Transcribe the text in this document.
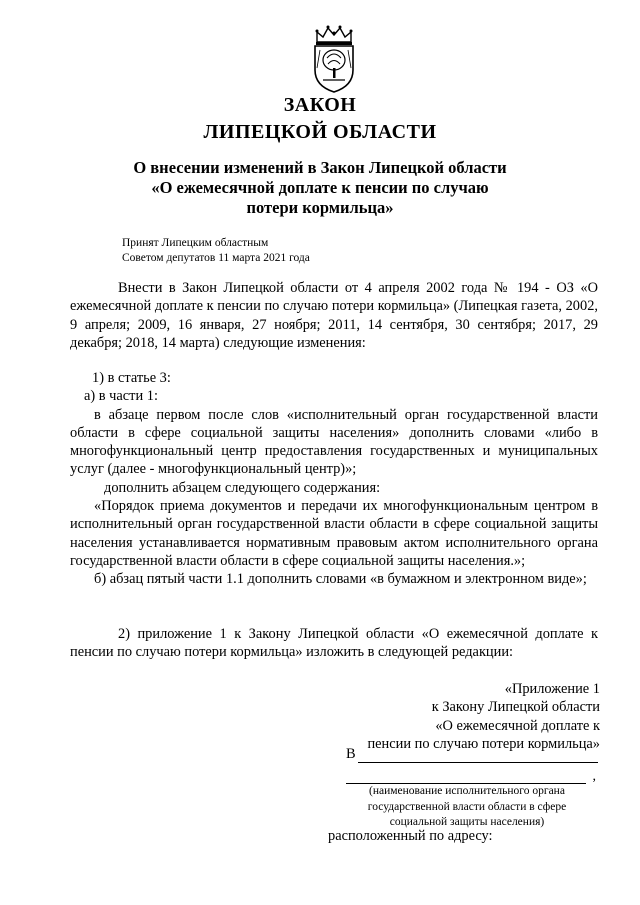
ЗАКОН
ЛИПЕЦКОЙ ОБЛАСТИ
О внесении изменений в Закон Липецкой области
«О ежемесячной доплате к пенсии по случаю
потери кормильца»
Принят Липецким областным
Советом депутатов 11 марта 2021 года

Внести в Закон Липецкой области от 4 апреля 2002 года № 194 - ОЗ «О ежемесячной доплате к пенсии по случаю потери кормильца» (Липецкая газета, 2002, 9 апреля; 2009, 16 января, 27 ноября; 2011, 14 сентября, 30 сентября; 2017, 29 декабря; 2018, 14 марта) следующие изменения:

1) в статье 3:

а) в части 1:

в абзаце первом после слов «исполнительный орган государственной власти области в сфере социальной защиты населения» дополнить словами «либо в многофункциональный центр предоставления государственных и муниципальных услуг (далее - многофункциональный центр)»;

дополнить абзацем следующего содержания:

«Порядок приема документов и передачи их многофункциональным центром в исполнительный орган государственной власти области в сфере социальной защиты населения устанавливается нормативным правовым актом исполнительного органа государственной власти области в сфере социальной защиты населения.»;

б) абзац пятый части 1.1 дополнить словами «в бумажном и электронном виде»;

2) приложение 1 к Закону Липецкой области «О ежемесячной доплате к пенсии по случаю потери кормильца» изложить в следующей редакции:

«Приложение 1
к Закону Липецкой области
«О ежемесячной доплате к
пенсии по случаю потери кормильца»
В
,
(наименование исполнительного органа
государственной власти области в сфере
социальной защиты населения)
расположенный по адресу:
